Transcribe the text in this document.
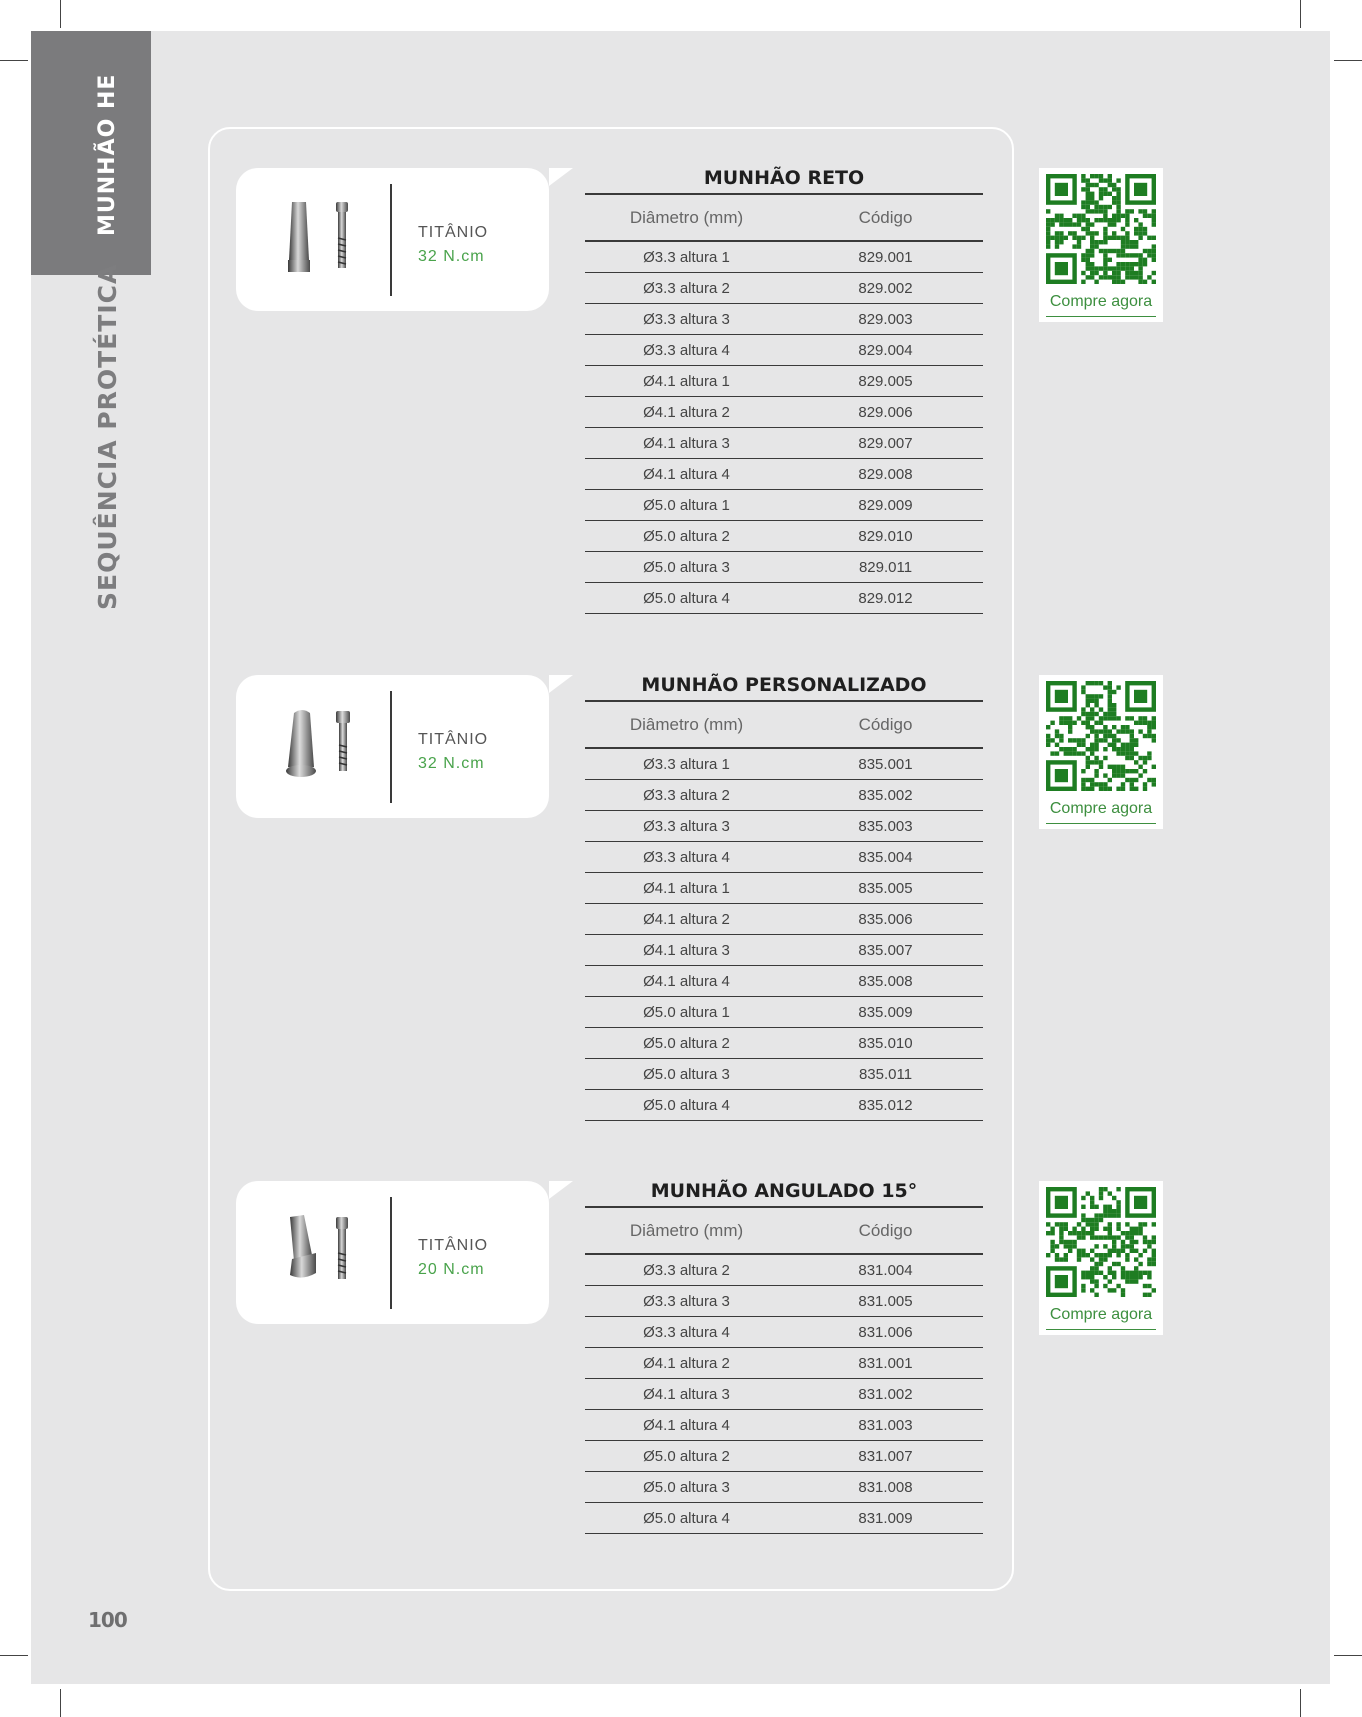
MUNHÃO HE
SEQUÊNCIA PROTÉTICA
TITÂNIO
32 N.cm
MUNHÃO RETO
Diâmetro (mm)	Código
Ø3.3 altura 1	829.001
Ø3.3 altura 2	829.002
Ø3.3 altura 3	829.003
Ø3.3 altura 4	829.004
Ø4.1 altura 1	829.005
Ø4.1 altura 2	829.006
Ø4.1 altura 3	829.007
Ø4.1 altura 4	829.008
Ø5.0 altura 1	829.009
Ø5.0 altura 2	829.010
Ø5.0 altura 3	829.011
Ø5.0 altura 4	829.012
Compre agora
TITÂNIO
32 N.cm
MUNHÃO PERSONALIZADO
Diâmetro (mm)	Código
Ø3.3 altura 1	835.001
Ø3.3 altura 2	835.002
Ø3.3 altura 3	835.003
Ø3.3 altura 4	835.004
Ø4.1 altura 1	835.005
Ø4.1 altura 2	835.006
Ø4.1 altura 3	835.007
Ø4.1 altura 4	835.008
Ø5.0 altura 1	835.009
Ø5.0 altura 2	835.010
Ø5.0 altura 3	835.011
Ø5.0 altura 4	835.012
Compre agora
TITÂNIO
20 N.cm
MUNHÃO ANGULADO 15°
Diâmetro (mm)	Código
Ø3.3 altura 2	831.004
Ø3.3 altura 3	831.005
Ø3.3 altura 4	831.006
Ø4.1 altura 2	831.001
Ø4.1 altura 3	831.002
Ø4.1 altura 4	831.003
Ø5.0 altura 2	831.007
Ø5.0 altura 3	831.008
Ø5.0 altura 4	831.009
Compre agora
100
